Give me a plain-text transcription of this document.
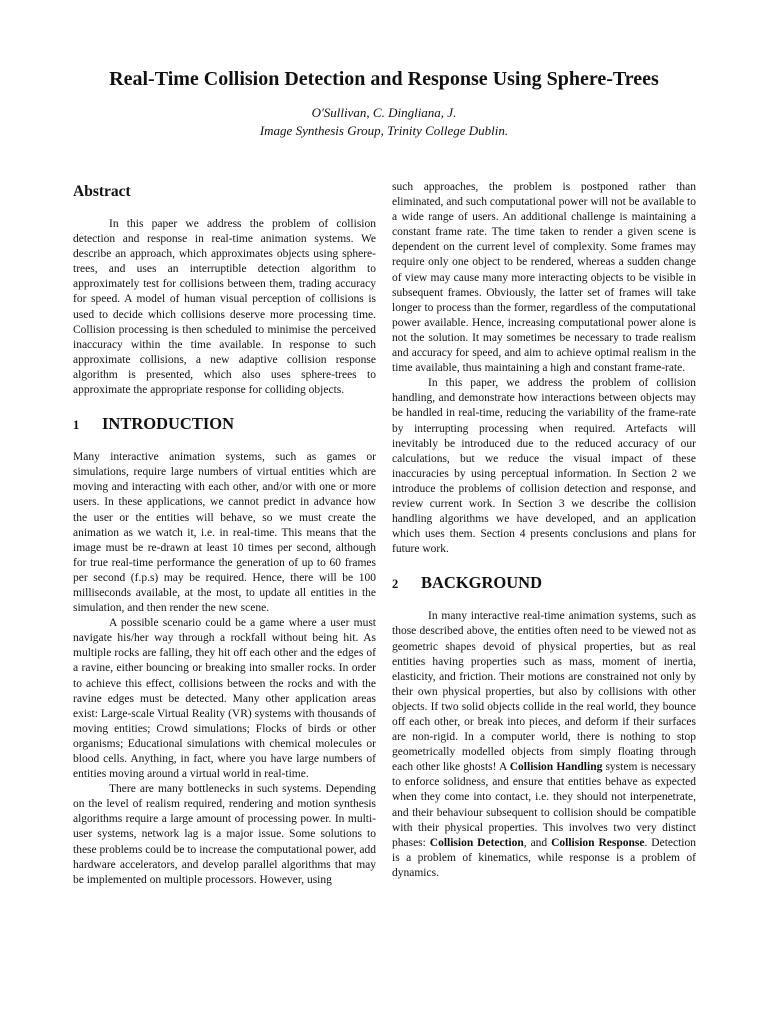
Real-Time Collision Detection and Response Using Sphere-Trees
O'Sullivan, C. Dingliana, J.
Image Synthesis Group, Trinity College Dublin.
Abstract

In this paper we address the problem of collision detection and response in real-time animation systems. We describe an approach, which approximates objects using sphere-trees, and uses an interruptible detection algorithm to approximately test for collisions between them, trading accuracy for speed. A model of human visual perception of collisions is used to decide which collisions deserve more processing time. Collision processing is then scheduled to minimise the perceived inaccuracy within the time available. In response to such approximate collisions, a new adaptive collision response algorithm is presented, which also uses sphere-trees to approximate the appropriate response for colliding objects.

1	INTRODUCTION

Many interactive animation systems, such as games or simulations, require large numbers of virtual entities which are moving and interacting with each other, and/or with one or more users. In these applications, we cannot predict in advance how the user or the entities will behave, so we must create the animation as we watch it, i.e. in real-time. This means that the image must be re-drawn at least 10 times per second, although for true real-time performance the generation of up to 60 frames per second (f.p.s) may be required. Hence, there will be 100 milliseconds available, at the most, to update all entities in the simulation, and then render the new scene.

A possible scenario could be a game where a user must navigate his/her way through a rockfall without being hit. As multiple rocks are falling, they hit off each other and the edges of a ravine, either bouncing or breaking into smaller rocks. In order to achieve this effect, collisions between the rocks and with the ravine edges must be detected. Many other application areas exist: Large-scale Virtual Reality (VR) systems with thousands of moving entities; Crowd simulations; Flocks of birds or other organisms; Educational simulations with chemical molecules or blood cells. Anything, in fact, where you have large numbers of entities moving around a virtual world in real-time.

There are many bottlenecks in such systems. Depending on the level of realism required, rendering and motion synthesis algorithms require a large amount of processing power. In multi-user systems, network lag is a major issue. Some solutions to these problems could be to increase the computational power, add hardware accelerators, and develop parallel algorithms that may be implemented on multiple processors. However, using

such approaches, the problem is postponed rather than eliminated, and such computational power will not be available to a wide range of users. An additional challenge is maintaining a constant frame rate. The time taken to render a given scene is dependent on the current level of complexity. Some frames may require only one object to be rendered, whereas a sudden change of view may cause many more interacting objects to be visible in subsequent frames. Obviously, the latter set of frames will take longer to process than the former, regardless of the computational power available. Hence, increasing computational power alone is not the solution. It may sometimes be necessary to trade realism and accuracy for speed, and aim to achieve optimal realism in the time available, thus maintaining a high and constant frame-rate.

In this paper, we address the problem of collision handling, and demonstrate how interactions between objects may be handled in real-time, reducing the variability of the frame-rate by interrupting processing when required. Artefacts will inevitably be introduced due to the reduced accuracy of our calculations, but we reduce the visual impact of these inaccuracies by using perceptual information. In Section 2 we introduce the problems of collision detection and response, and review current work. In Section 3 we describe the collision handling algorithms we have developed, and an application which uses them. Section 4 presents conclusions and plans for future work.

2	BACKGROUND

In many interactive real-time animation systems, such as those described above, the entities often need to be viewed not as geometric shapes devoid of physical properties, but as real entities having properties such as mass, moment of inertia, elasticity, and friction. Their motions are constrained not only by their own physical properties, but also by collisions with other objects. If two solid objects collide in the real world, they bounce off each other, or break into pieces, and deform if their surfaces are non-rigid. In a computer world, there is nothing to stop geometrically modelled objects from simply floating through each other like ghosts! A Collision Handling system is necessary to enforce solidness, and ensure that entities behave as expected when they come into contact, i.e. they should not interpenetrate, and their behaviour subsequent to collision should be compatible with their physical properties. This involves two very distinct phases: Collision Detection, and Collision Response. Detection is a problem of kinematics, while response is a problem of dynamics.
